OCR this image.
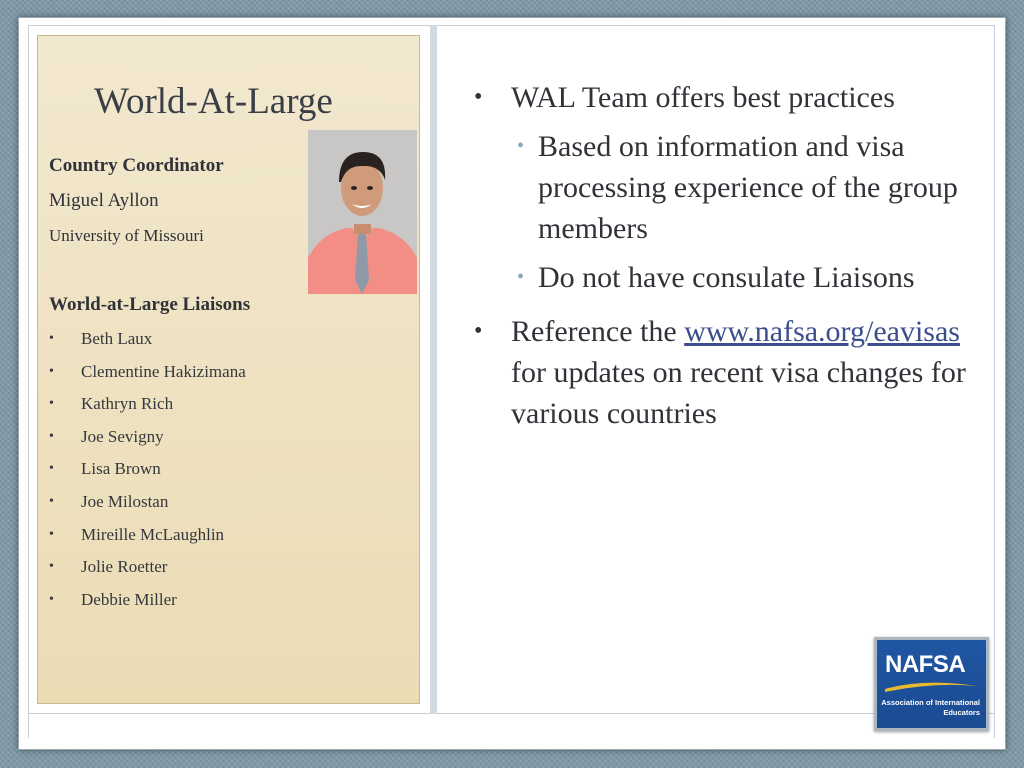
World-At-Large
Country Coordinator
Miguel Ayllon
University of Missouri
World-at-Large Liaisons
• Beth Laux
• Clementine Hakizimana
• Kathryn Rich
• Joe Sevigny
• Lisa Brown
• Joe Milostan
• Mireille McLaughlin
• Jolie Roetter
• Debbie Miller
• WAL Team offers best practices
• Based on information and visa processing experience of the group members
• Do not have consulate Liaisons
• Reference the www.nafsa.org/eavisas  for updates on recent visa changes for various countries
NAFSA
Association of International Educators
